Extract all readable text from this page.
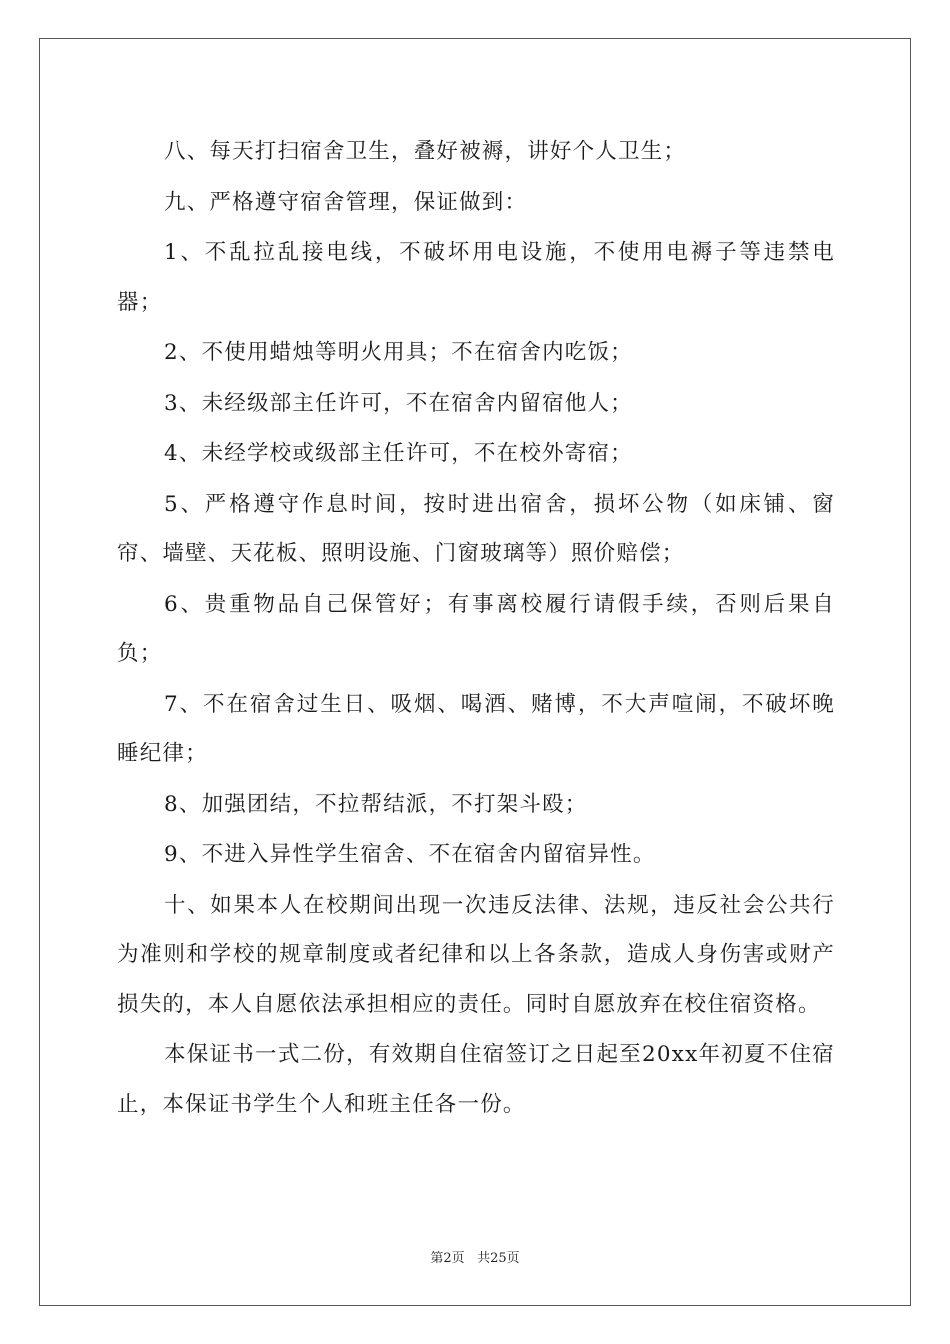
八、每天打扫宿舍卫生，叠好被褥，讲好个人卫生；

九、严格遵守宿舍管理，保证做到：

1、不乱拉乱接电线，不破坏用电设施，不使用电褥子等违禁电器；

2、不使用蜡烛等明火用具；不在宿舍内吃饭；

3、未经级部主任许可，不在宿舍内留宿他人；

4、未经学校或级部主任许可，不在校外寄宿；

5、严格遵守作息时间，按时进出宿舍，损坏公物（如床铺、窗帘、墙壁、天花板、照明设施、门窗玻璃等）照价赔偿；

6、贵重物品自己保管好；有事离校履行请假手续，否则后果自负；

7、不在宿舍过生日、吸烟、喝酒、赌博，不大声喧闹，不破坏晚睡纪律；

8、加强团结，不拉帮结派，不打架斗殴；

9、不进入异性学生宿舍、不在宿舍内留宿异性。

十、如果本人在校期间出现一次违反法律、法规，违反社会公共行为准则和学校的规章制度或者纪律和以上各条款，造成人身伤害或财产损失的，本人自愿依法承担相应的责任。同时自愿放弃在校住宿资格。

本保证书一式二份，有效期自住宿签订之日起至20xx年初夏不住宿止，本保证书学生个人和班主任各一份。

第2页 共25页
